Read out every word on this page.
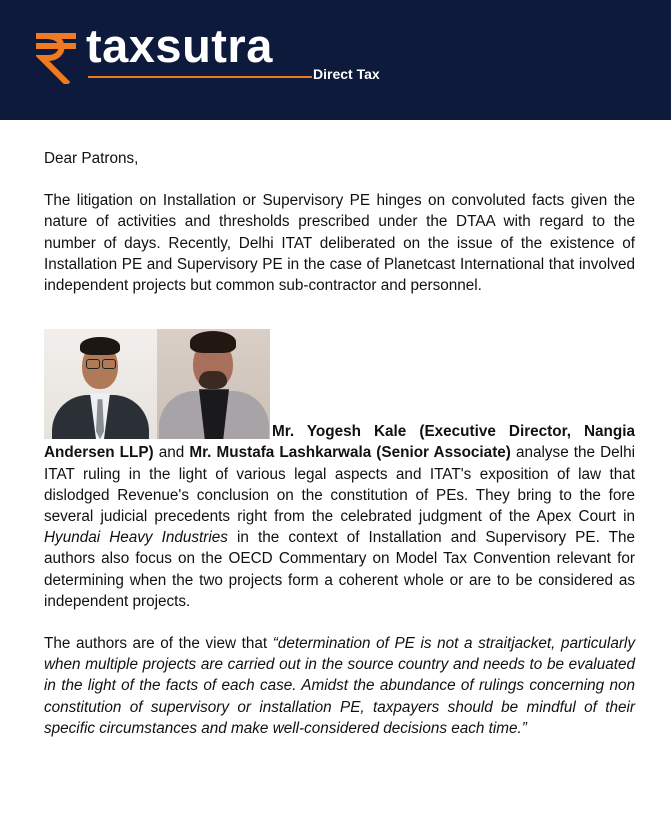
taxsutra
Direct Tax

Dear Patrons,

The litigation on Installation or Supervisory PE hinges on convoluted facts given the nature of activities and thresholds prescribed under the DTAA with regard to the number of days. Recently, Delhi ITAT deliberated on the issue of the existence of Installation PE and Supervisory PE in the case of Planetcast International that involved independent projects but common sub-contractor and personnel.

Mr. Yogesh Kale (Executive Director, Nangia Andersen LLP) and Mr. Mustafa Lashkarwala (Senior Associate) analyse the Delhi ITAT ruling in the light of various legal aspects and ITAT's exposition of law that dislodged Revenue's conclusion on the constitution of PEs. They bring to the fore several judicial precedents right from the celebrated judgment of the Apex Court in Hyundai Heavy Industries in the context of Installation and Supervisory PE. The authors also focus on the OECD Commentary on Model Tax Convention relevant for determining when the two projects form a coherent whole or are to be considered as independent projects.

The authors are of the view that “determination of PE is not a straitjacket, particularly when multiple projects are carried out in the source country and needs to be evaluated in the light of the facts of each case. Amidst the abundance of rulings concerning non constitution of supervisory or installation PE, taxpayers should be mindful of their specific circumstances and make well-considered decisions each time.”
